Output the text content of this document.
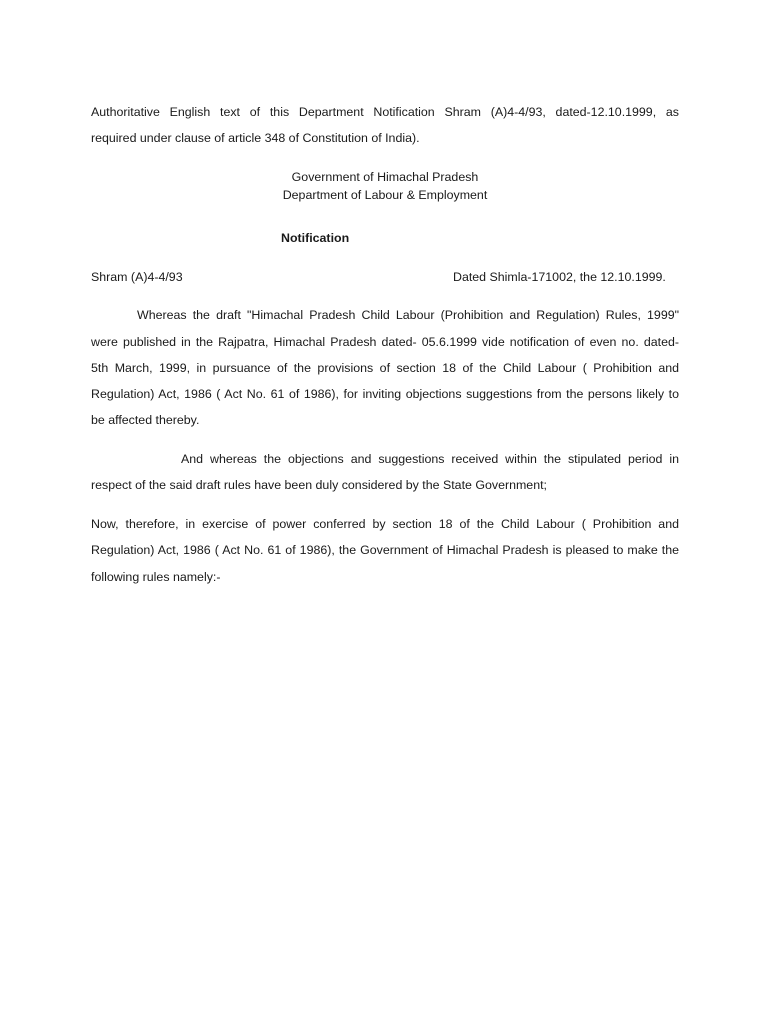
Authoritative English text of this Department Notification Shram (A)4-4/93, dated-12.10.1999, as
required under clause of article 348 of Constitution of India).
Government of Himachal Pradesh
Department of Labour & Employment
Notification
Shram (A)4-4/93	Dated Shimla-171002, the 12.10.1999.
Whereas the draft "Himachal Pradesh Child Labour (Prohibition and Regulation) Rules, 1999"
were published in the Rajpatra, Himachal Pradesh dated- 05.6.1999 vide notification of even no. dated-
5th March, 1999, in pursuance of the provisions of section 18 of the Child Labour ( Prohibition and
Regulation) Act, 1986 ( Act No. 61 of 1986), for inviting objections suggestions from the persons likely to
be affected thereby.
And whereas the objections and suggestions received within the stipulated period in
respect of the said draft rules have been duly considered by the State Government;
Now, therefore, in exercise of power conferred by section 18 of the Child Labour ( Prohibition and
Regulation) Act, 1986 ( Act No. 61 of 1986), the Government of Himachal Pradesh is pleased to make the
following rules namely:-
